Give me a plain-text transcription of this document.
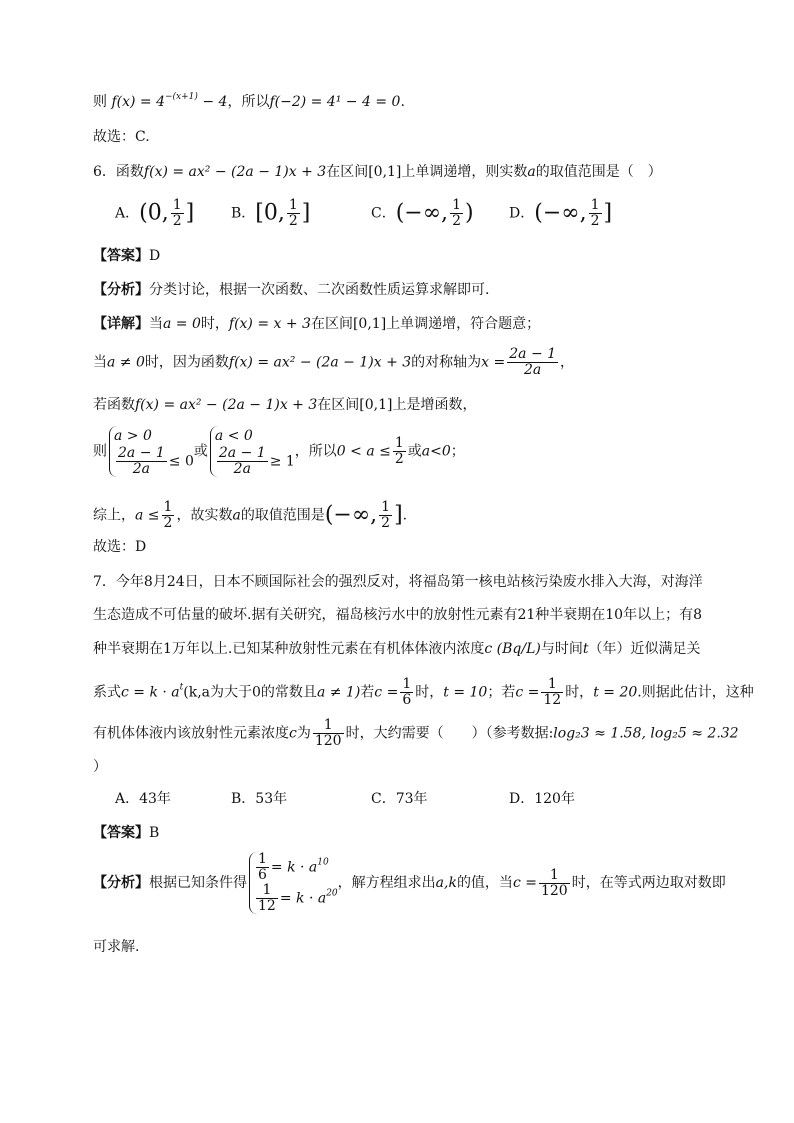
则 $f(x) = 4^{-(x+1)} - 4$，所以f(−2) = 4¹ − 4 = 0.
故选：C.
6．函数f(x) = ax² − (2a − 1)x + 3在区间[0,1]上单调递增，则实数a的取值范围是（　）
A．(0, $\frac{1}{2}$ ]	B．[0, $\frac{1}{2}$ ]	C．(−∞, $\frac{1}{2}$ )	D．(−∞, $\frac{1}{2}$ ]
【答案】D
【分析】分类讨论，根据一次函数、二次函数性质运算求解即可.
【详解】当a = 0时，f(x) = x + 3在区间[0,1]上单调递增，符合题意；
当a ≠ 0时，因为函数f(x) = ax² − (2a − 1)x + 3的对称轴为$x = \frac{2a - 1}{2a}$ ，
若函数f(x) = ax² − (2a − 1)x + 3在区间[0,1]上是增函数，
则
a > 0
$\frac{2a - 1}{2a} \le 0$
或
a < 0
$\frac{2a - 1}{2a} \ge 1$
，所以$0 < a \le \frac{1}{2}$ 或a<0；
综上，$a \le \frac{1}{2}$ ，故实数a的取值范围是(−∞, $\frac{1}{2}$ ].
故选：D
7．今年8月24日，日本不顾国际社会的强烈反对，将福岛第一核电站核污染废水排入大海，对海洋
生态造成不可估量的破坏.据有关研究，福岛核污水中的放射性元素有21种半衰期在10年以上；有8
种半衰期在1万年以上.已知某种放射性元素在有机体体液内浓度c (Bq/L)与时间t（年）近似满足关
系式$c = k \cdot a^t(k,a$为大于0的常数且a ≠ 1)若$c = \frac{1}{6}$ 时，t = 10；若$c = \frac{1}{12}$ 时，t = 20.则据此估计，这种
有机体体液内该放射性元素浓度c为 $\frac{1}{120}$ 时，大约需要（　　）（参考数据:log₂3 ≈ 1.58, log₂5 ≈ 2.32
）
A．43年	B．53年	C．73年	D．120年
【答案】B
【分析】根据已知条件得 $\frac{1}{6} = k \cdot a^{10}$
$\frac{1}{12} = k \cdot a^{20}$
，解方程组求出a,k的值，当$c = \frac{1}{120}$ 时，在等式两边取对数即
可求解.
